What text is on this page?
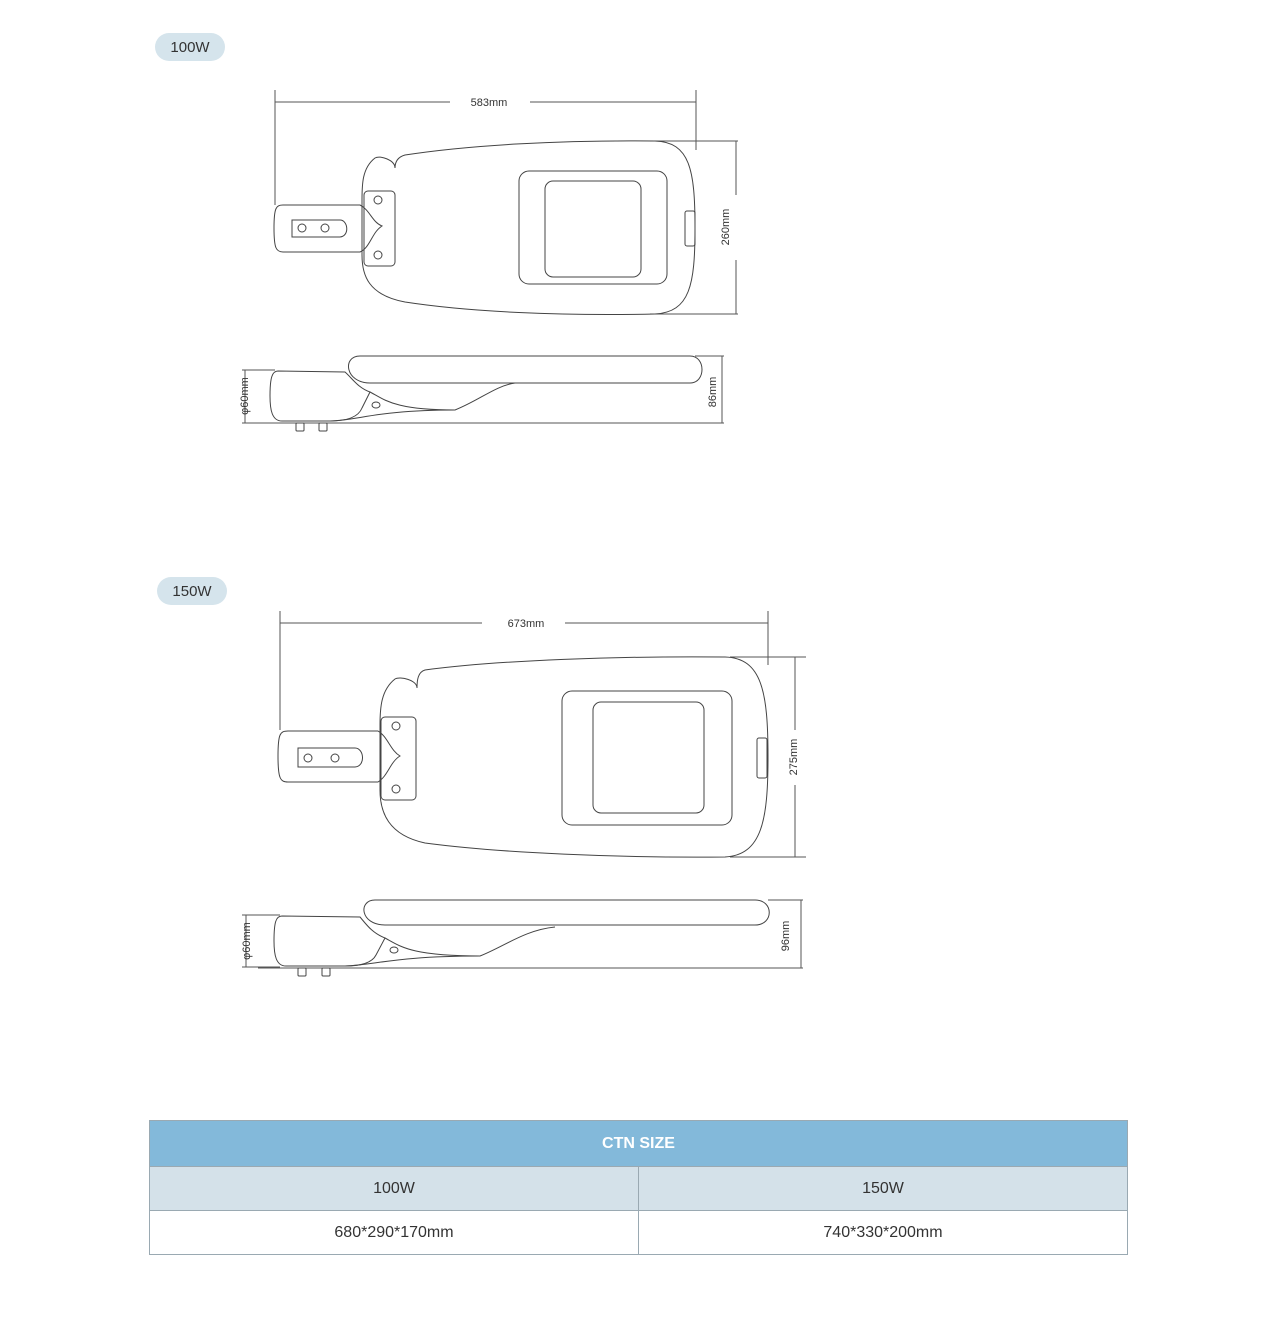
100W
150W
583mm
260mm
φ60mm	86mm
673mm
275mm
φ60mm	96mm
CTN SIZE	
100W	150W
680*290*170mm	740*330*200mm
